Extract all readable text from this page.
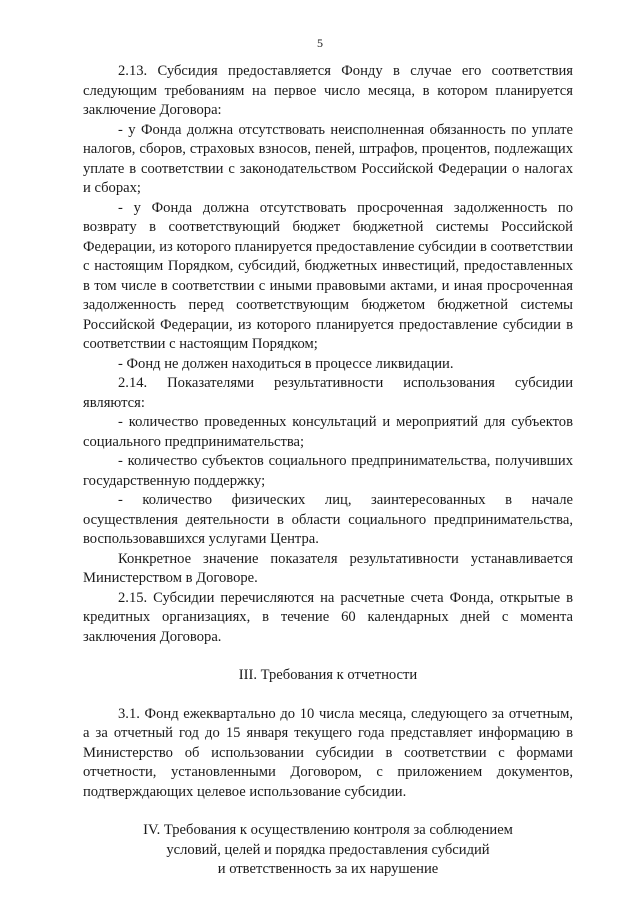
5

2.13. Субсидия предоставляется Фонду в случае его соответствия следующим требованиям на первое число месяца, в котором планируется заключение Договора:

- у Фонда должна отсутствовать неисполненная обязанность по уплате налогов, сборов, страховых взносов, пеней, штрафов, процентов, подлежащих уплате в соответствии с законодательством Российской Федерации о налогах и сборах;

- у Фонда должна отсутствовать просроченная задолженность по возврату в соответствующий бюджет бюджетной системы Российской Федерации, из которого планируется предоставление субсидии в соответствии с настоящим Порядком, субсидий, бюджетных инвестиций, предоставленных в том числе в соответствии с иными правовыми актами, и иная просроченная задолженность перед соответствующим бюджетом бюджетной системы Российской Федерации, из которого планируется предоставление субсидии в соответствии с настоящим Порядком;

- Фонд не должен находиться в процессе ликвидации.

2.14. Показателями результативности использования субсидии являются:

- количество проведенных консультаций и мероприятий для субъектов социального предпринимательства;

- количество субъектов социального предпринимательства, получивших государственную поддержку;

- количество физических лиц, заинтересованных в начале осуществления деятельности в области социального предпринимательства, воспользовавшихся услугами Центра.

Конкретное значение показателя результативности устанавливается Министерством в Договоре.

2.15. Субсидии перечисляются на расчетные счета Фонда, открытые в кредитных организациях, в течение 60 календарных дней с момента заключения Договора.

III. Требования к отчетности

3.1. Фонд ежеквартально до 10 числа месяца, следующего за отчетным, а за отчетный год до 15 января текущего года представляет информацию в Министерство об использовании субсидии в соответствии с формами отчетности, установленными Договором, с приложением документов, подтверждающих целевое использование субсидии.

IV. Требования к осуществлению контроля за соблюдением
условий, целей и порядка предоставления субсидий
и ответственность за их нарушение
